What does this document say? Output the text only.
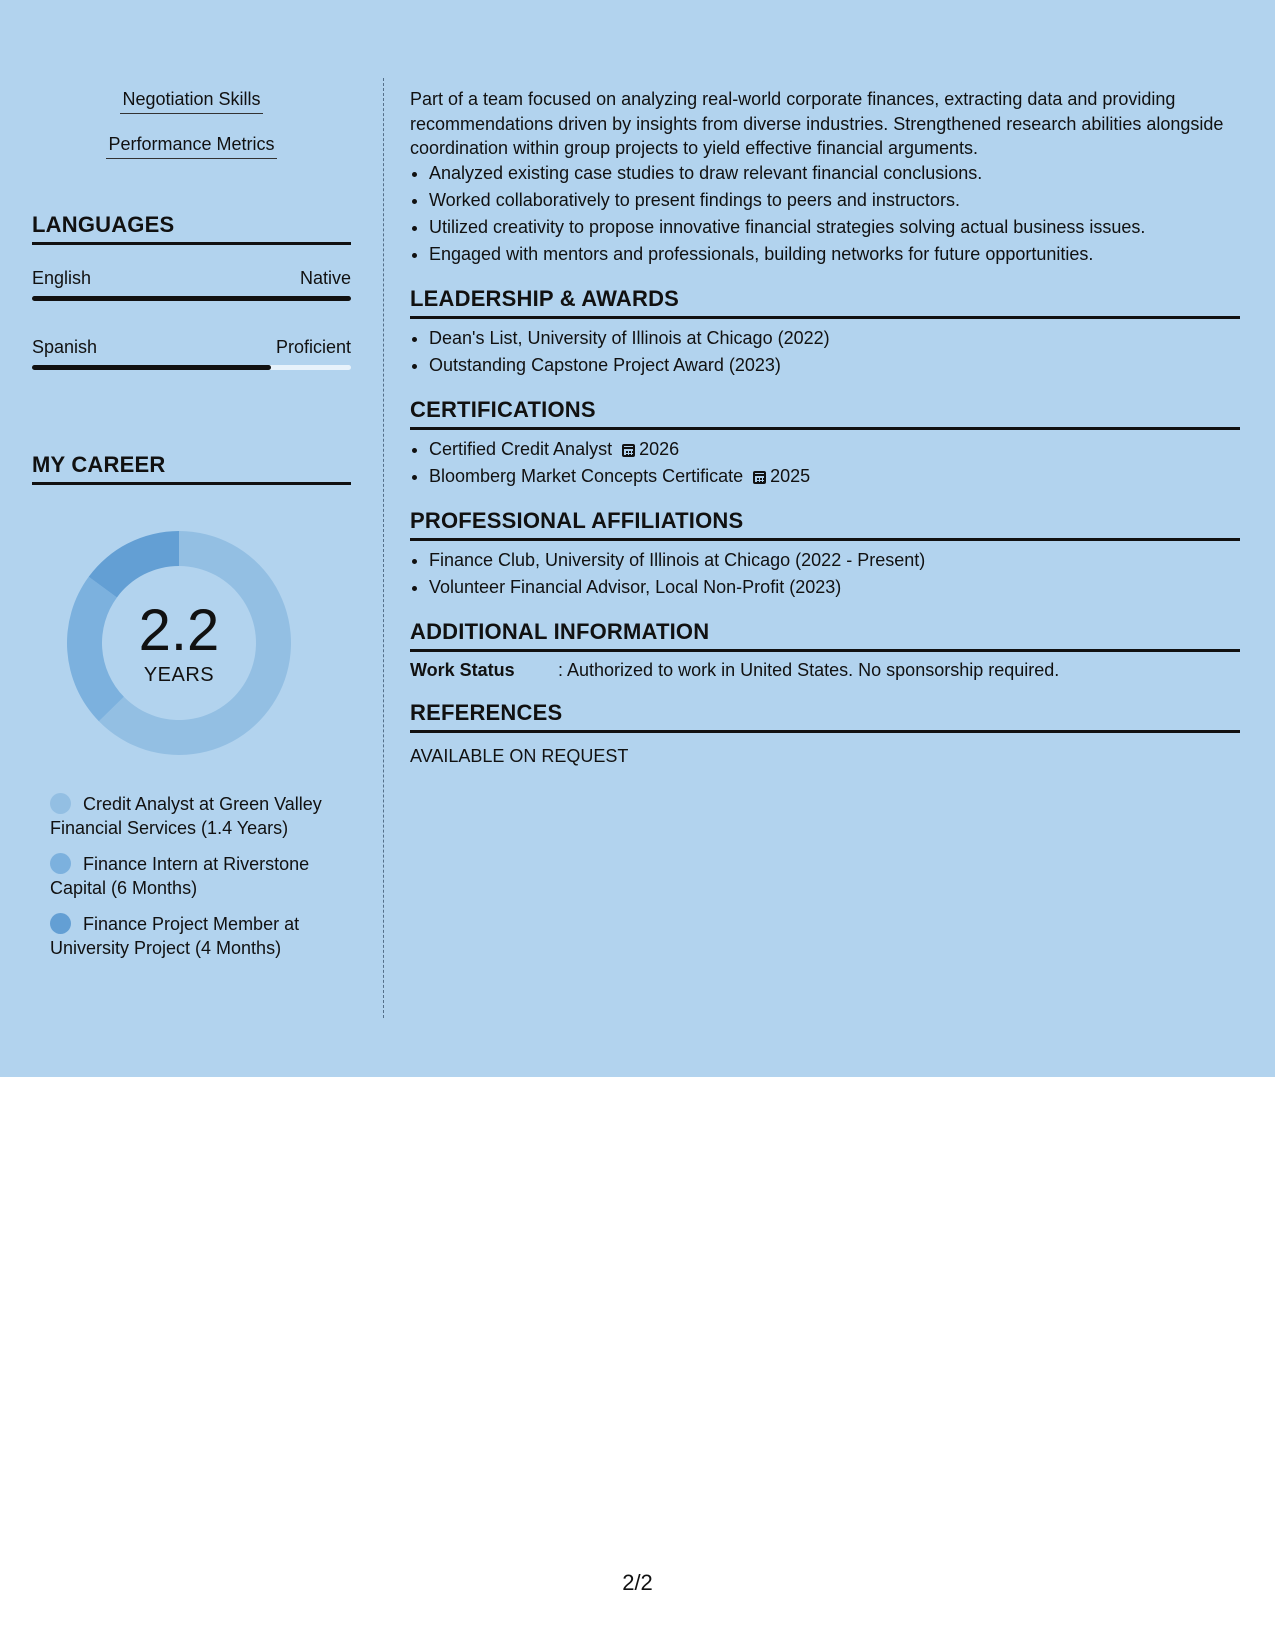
Negotiation Skills
Performance Metrics
LANGUAGES
English	Native
Spanish	Proficient
MY CAREER
2.2
YEARS
Credit Analyst at Green Valley Financial Services (1.4 Years)
Finance Intern at Riverstone Capital (6 Months)
Finance Project Member at University Project (4 Months)
Part of a team focused on analyzing real-world corporate finances, extracting data and providing recommendations driven by insights from diverse industries. Strengthened research abilities alongside coordination within group projects to yield effective financial arguments.
• Analyzed existing case studies to draw relevant financial conclusions.
• Worked collaboratively to present findings to peers and instructors.
• Utilized creativity to propose innovative financial strategies solving actual business issues.
• Engaged with mentors and professionals, building networks for future opportunities.
LEADERSHIP & AWARDS
• Dean's List, University of Illinois at Chicago (2022)
• Outstanding Capstone Project Award (2023)
CERTIFICATIONS
• Certified Credit Analyst 2026
• Bloomberg Market Concepts Certificate 2025
PROFESSIONAL AFFILIATIONS
• Finance Club, University of Illinois at Chicago (2022 - Present)
• Volunteer Financial Advisor, Local Non-Profit (2023)
ADDITIONAL INFORMATION
Work Status : Authorized to work in United States. No sponsorship required.
REFERENCES
AVAILABLE ON REQUEST
2/2
